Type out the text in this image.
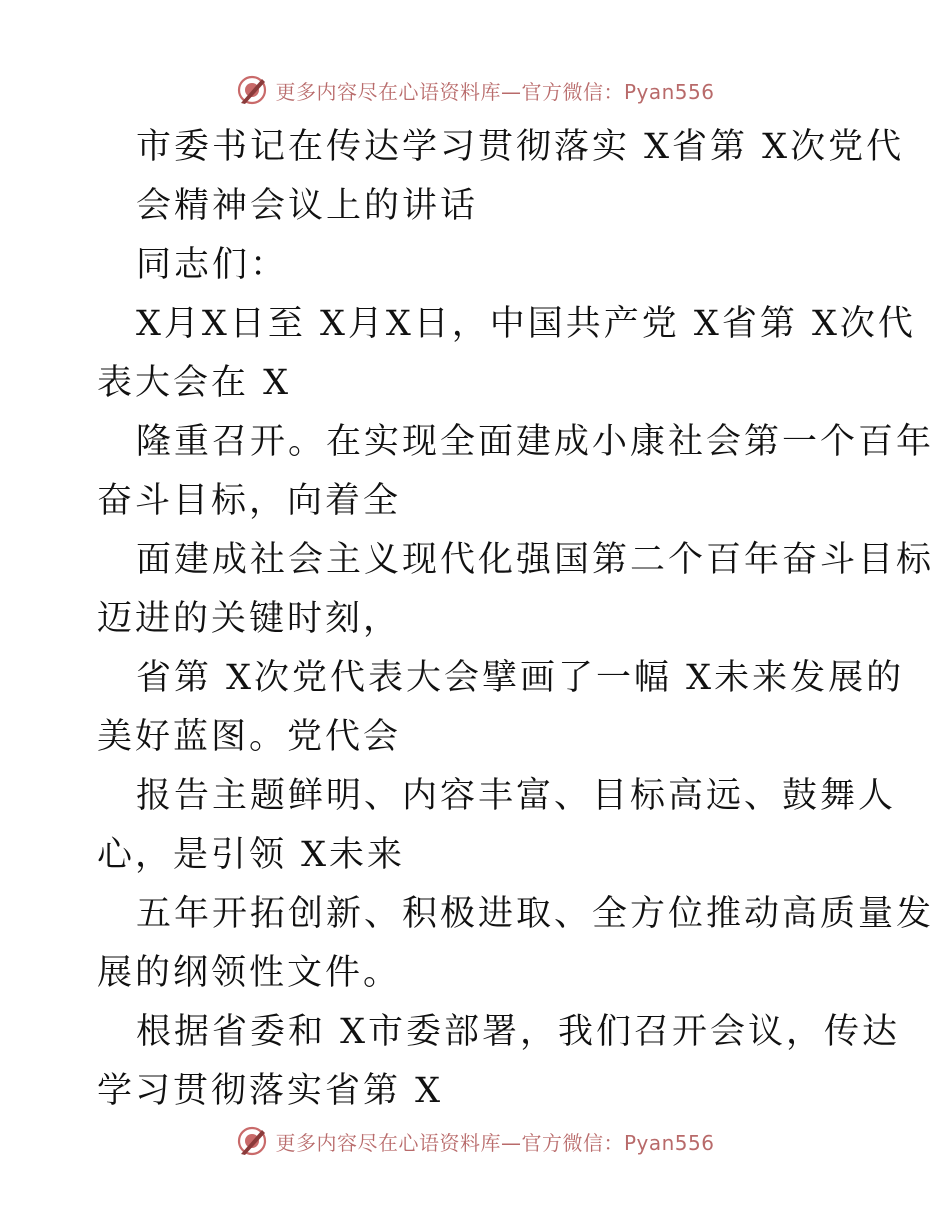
更多内容尽在心语资料库—官方微信：Pyan556

市委书记在传达学习贯彻落实 X省第 X次党代

会精神会议上的讲话

同志们：

X月X日至 X月X日，中国共产党 X省第 X次代

表大会在 X

隆重召开。在实现全面建成小康社会第一个百年

奋斗目标，向着全

面建成社会主义现代化强国第二个百年奋斗目标

迈进的关键时刻，

省第 X次党代表大会擘画了一幅 X未来发展的

美好蓝图。党代会

报告主题鲜明、内容丰富、目标高远、鼓舞人

心，是引领 X未来

五年开拓创新、积极进取、全方位推动高质量发

展的纲领性文件。

根据省委和 X市委部署，我们召开会议，传达

学习贯彻落实省第 X

更多内容尽在心语资料库—官方微信：Pyan556
